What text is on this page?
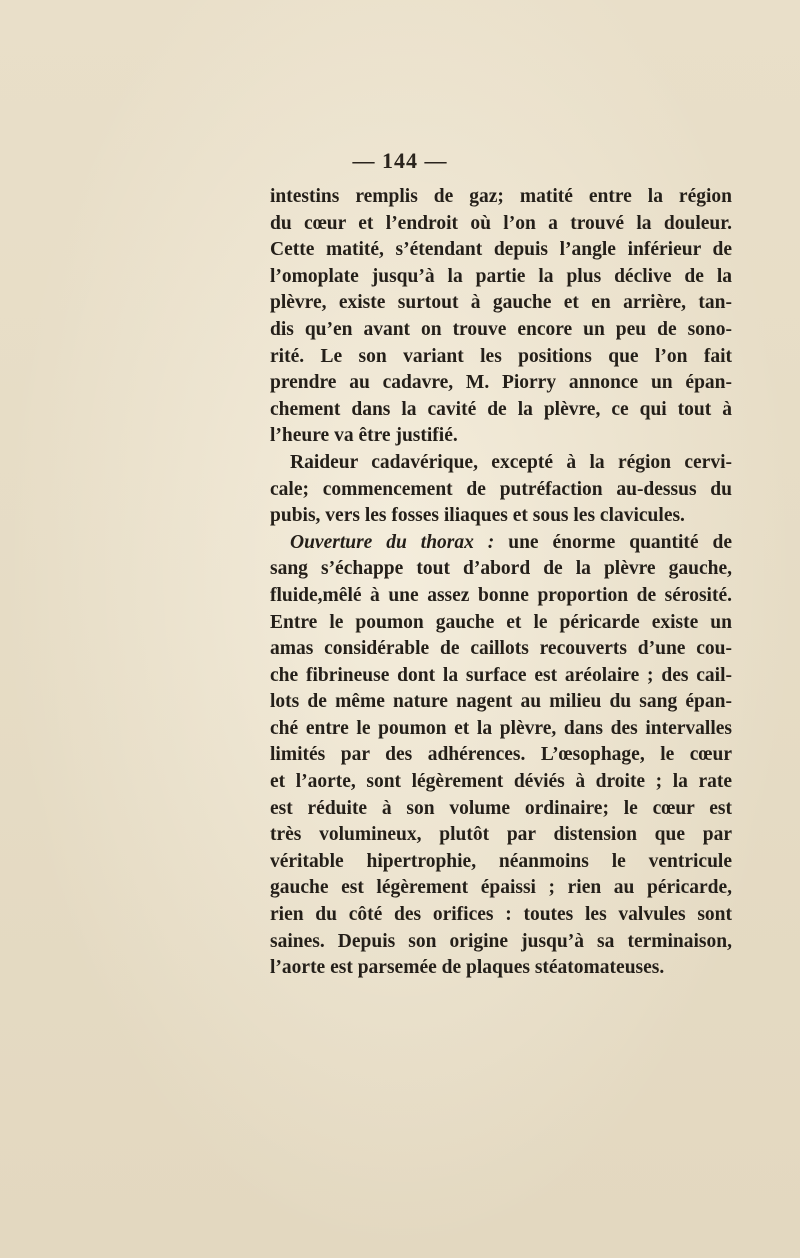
— 144 —
intestins remplis de gaz; matité entre la région
du cœur et l’endroit où l’on a trouvé la douleur.
Cette matité, s’étendant depuis l’angle inférieur de
l’omoplate jusqu’à la partie la plus déclive de la
plèvre, existe surtout à gauche et en arrière, tan-
dis qu’en avant on trouve encore un peu de sono-
rité. Le son variant les positions que l’on fait
prendre au cadavre, M. Piorry annonce un épan-
chement dans la cavité de la plèvre, ce qui tout à
l’heure va être justifié.
Raideur cadavérique, excepté à la région cervi-
cale; commencement de putréfaction au-dessus du
pubis, vers les fosses iliaques et sous les clavicules.
Ouverture du thorax : une énorme quantité de
sang s’échappe tout d’abord de la plèvre gauche,
fluide,mêlé à une assez bonne proportion de sérosité.
Entre le poumon gauche et le péricarde existe un
amas considérable de caillots recouverts d’une cou-
che fibrineuse dont la surface est aréolaire ; des cail-
lots de même nature nagent au milieu du sang épan-
ché entre le poumon et la plèvre, dans des intervalles
limités par des adhérences. L’œsophage, le cœur
et l’aorte, sont légèrement déviés à droite ; la rate
est réduite à son volume ordinaire; le cœur est
très volumineux, plutôt par distension que par
véritable hipertrophie, néanmoins le ventricule
gauche est légèrement épaissi ; rien au péricarde,
rien du côté des orifices : toutes les valvules sont
saines. Depuis son origine jusqu’à sa terminaison,
l’aorte est parsemée de plaques stéatomateuses.
